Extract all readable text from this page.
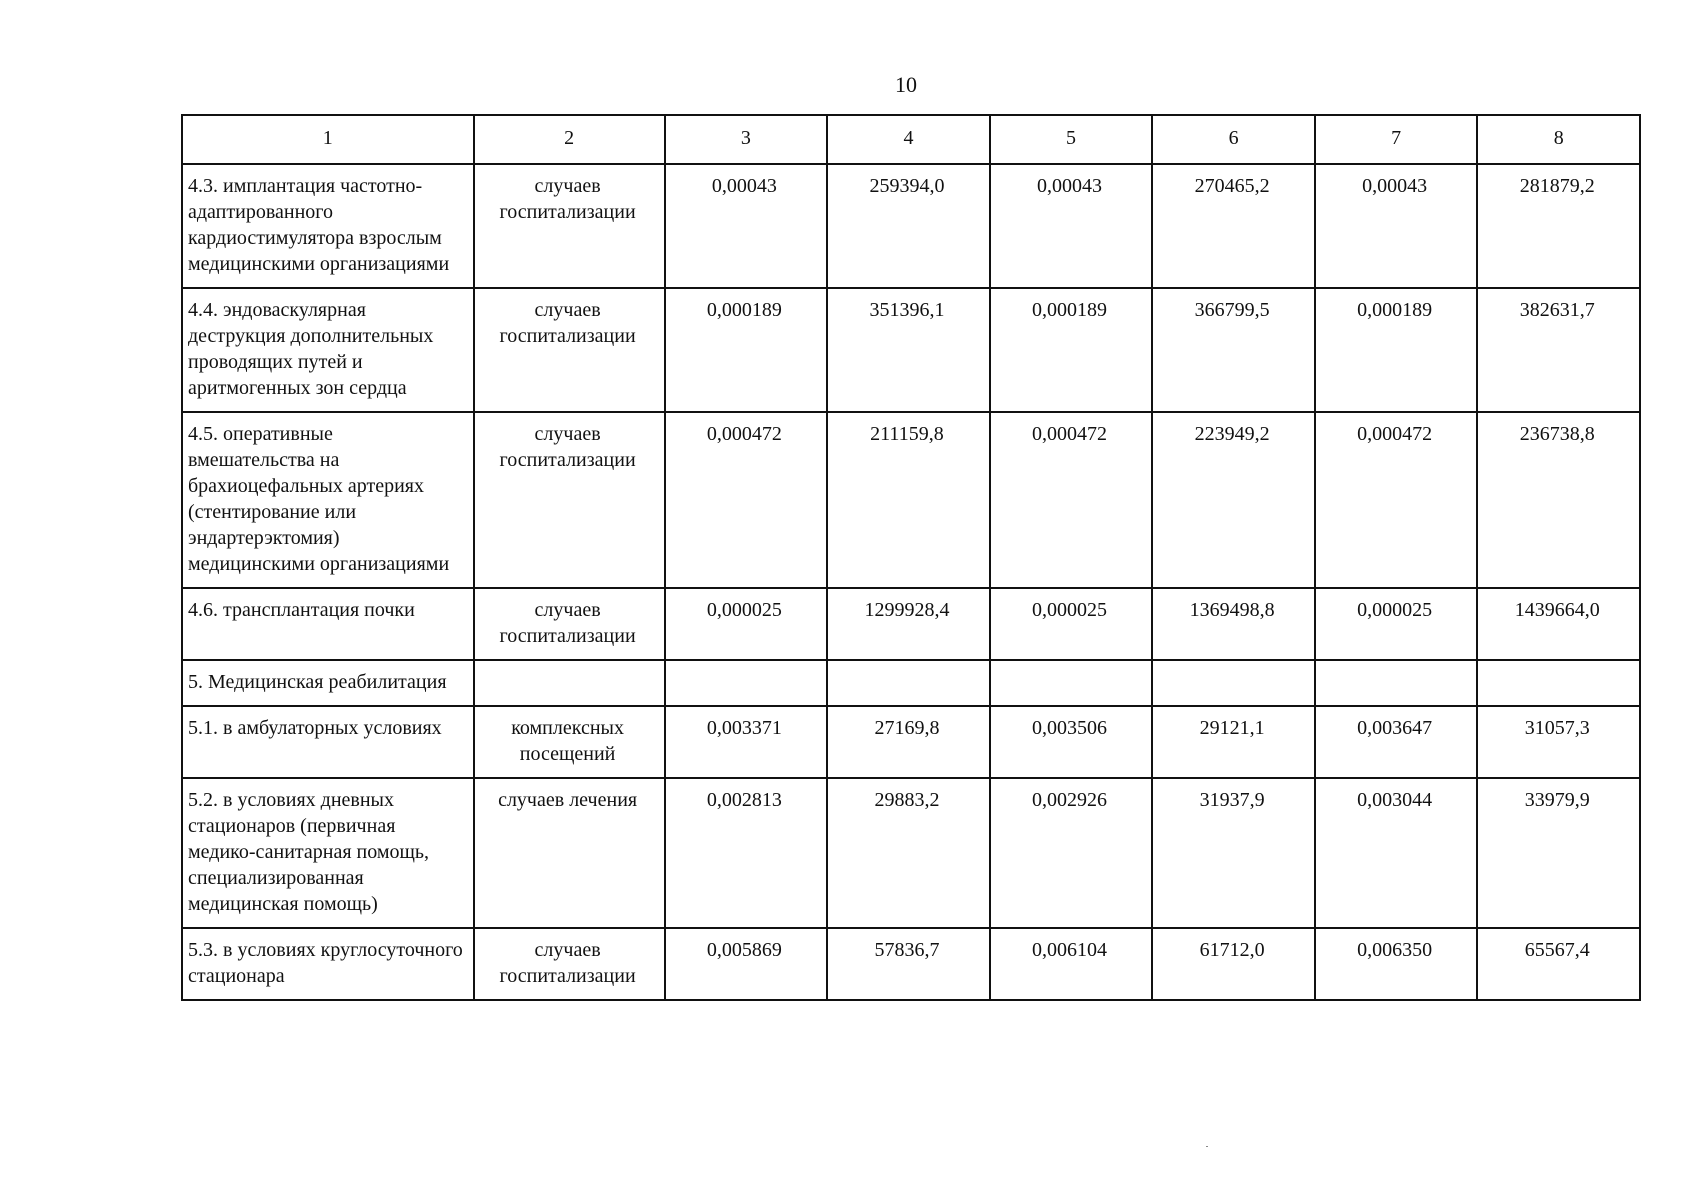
10
1	2	3	4	5	6	7	8
4.3. имплантация частотно-адаптированного кардиостимулятора взрослым медицинскими организациями	случаев госпитализации	0,00043	259394,0	0,00043	270465,2	0,00043	281879,2
4.4. эндоваскулярная деструкция дополнительных проводящих путей и аритмогенных зон сердца	случаев госпитализации	0,000189	351396,1	0,000189	366799,5	0,000189	382631,7
4.5. оперативные вмешательства на брахиоцефальных артериях (стентирование или эндартерэктомия) медицинскими организациями	случаев госпитализации	0,000472	211159,8	0,000472	223949,2	0,000472	236738,8
4.6. трансплантация почки	случаев госпитализации	0,000025	1299928,4	0,000025	1369498,8	0,000025	1439664,0
5. Медицинская реабилитация							
5.1. в амбулаторных условиях	комплексных посещений	0,003371	27169,8	0,003506	29121,1	0,003647	31057,3
5.2. в условиях дневных стационаров (первичная медико-санитарная помощь, специализированная медицинская помощь)	случаев лечения	0,002813	29883,2	0,002926	31937,9	0,003044	33979,9
5.3. в условиях круглосуточного стационара	случаев госпитализации	0,005869	57836,7	0,006104	61712,0	0,006350	65567,4
